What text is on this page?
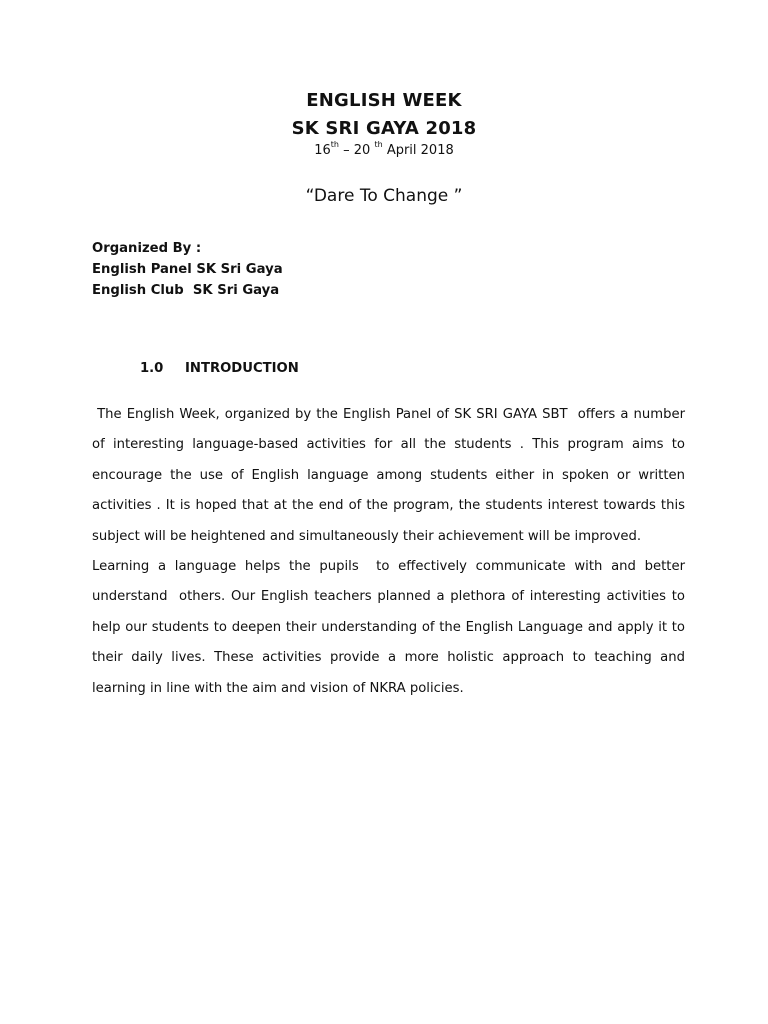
ENGLISH WEEK
SK SRI GAYA 2018
16th – 20 $^{th}$ April 2018
“Dare To Change ”
Organized By :
English Panel SK Sri Gaya
English Club  SK Sri Gaya
1.0 INTRODUCTION

The English Week, organized by the English Panel of SK SRI GAYA SBT  offers a number of interesting language-based activities for all the students . This program aims to encourage the use of English language among students either in spoken or written activities . It is hoped that at the end of the program, the students interest towards this subject will be heightened and simultaneously their achievement will be improved.

Learning a language helps the pupils  to effectively communicate with and better understand  others. Our English teachers planned a plethora of interesting activities to help our students to deepen their understanding of the English Language and apply it to their daily lives. These activities provide a more holistic approach to teaching and learning in line with the aim and vision of NKRA policies.
